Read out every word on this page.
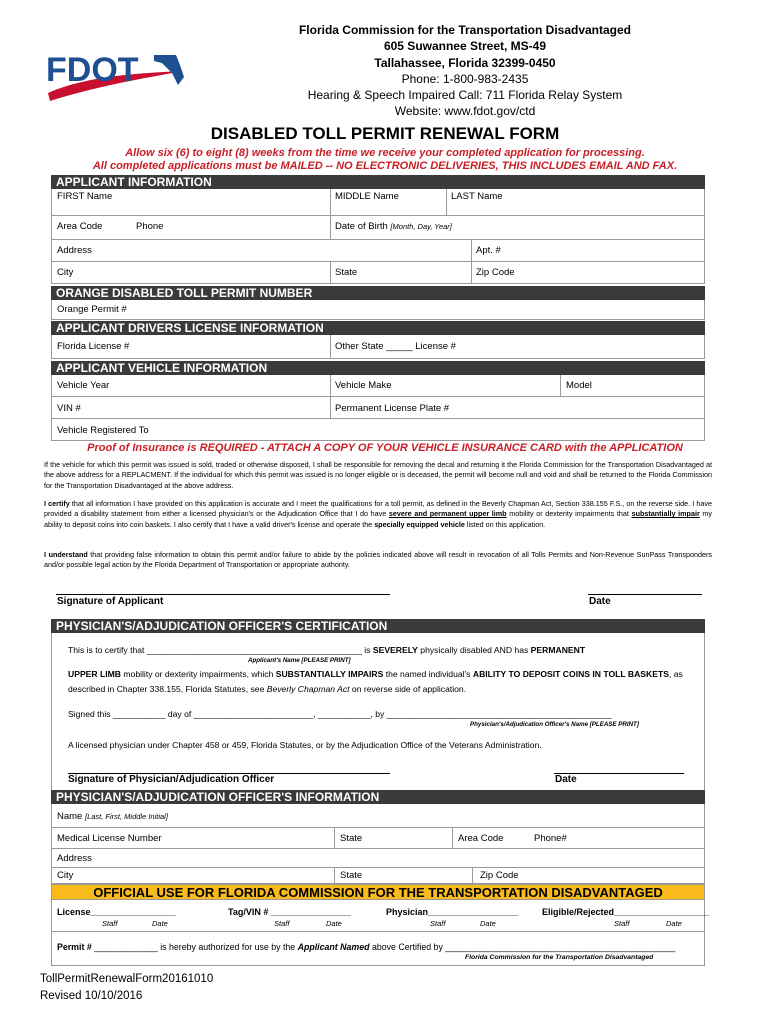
FDOT
Florida Commission for the Transportation Disadvantaged
605 Suwannee Street, MS-49
Tallahassee, Florida 32399-0450
Phone: 1-800-983-2435
Hearing & Speech Impaired Call: 711 Florida Relay System
Website: www.fdot.gov/ctd
DISABLED TOLL PERMIT RENEWAL FORM
Allow six (6) to eight (8) weeks from the time we receive your completed application for processing.
All completed applications must be MAILED -- NO ELECTRONIC DELIVERIES, THIS INCLUDES EMAIL AND FAX.
APPLICANT INFORMATION
FIRST Name	MIDDLE Name	LAST Name
Area Code	Phone	Date of Birth [Month, Day, Year]
Address	Apt. #
City	State	Zip Code
ORANGE DISABLED TOLL PERMIT NUMBER
Orange Permit #
APPLICANT DRIVERS LICENSE INFORMATION
Florida License #	Other State _____ License #
APPLICANT VEHICLE INFORMATION
Vehicle Year	Vehicle Make	Model
VIN #	Permanent License Plate #
Vehicle Registered To
Proof of Insurance is REQUIRED - ATTACH A COPY OF YOUR VEHICLE INSURANCE CARD with the APPLICATION
If the vehicle for which this permit was issued is sold, traded or otherwise disposed, I shall be responsible for removing the decal and returning it the Florida Commission for the Transportation Disadvantaged at the above address for a REPLACMENT. If the individual for which this permit was issued is no longer eligible or is deceased, the permit will become null and void and shall be returned to the Florida Commission for the Transportation Disadvantaged at the above address.
I certify that all information I have provided on this application is accurate and I meet the qualifications for a toll permit, as defined in the Beverly Chapman Act, Section 338.155 F.S., on the reverse side. I have provided a disability statement from either a licensed physician's or the Adjudication Office that I do have severe and permanent upper limb mobility or dexterity impairments that substantially impair my ability to deposit coins into coin baskets. I also certify that I have a valid driver's license and operate the specially equipped vehicle listed on this application.
I understand that providing false information to obtain this permit and/or failure to abide by the policies indicated above will result in revocation of all Tolls Permits and Non-Revenue SunPass Transponders and/or possible legal action by the Florida Department of Transportation or appropriate authority.
Signature of Applicant	Date
PHYSICIAN'S/ADJUDICATION OFFICER'S CERTIFICATION
This is to certify that _____________________________________________ is SEVERELY physically disabled AND has PERMANENT
Applicant's Name [PLEASE PRINT]
UPPER LIMB mobility or dexterity impairments, which SUBSTANTIALLY IMPAIRS the named individual's ABILITY TO DEPOSIT COINS IN TOLL BASKETS, as
described in Chapter 338.155, Florida Statutes, see Beverly Chapman Act on reverse side of application.
Signed this ___________ day of _________________________, ___________, by _______________________________________________
Physician's/Adjudication Officer's Name [PLEASE PRINT]
A licensed physician under Chapter 458 or 459, Florida Statutes, or by the Adjudication Office of the Veterans Administration.
Signature of Physician/Adjudication Officer	Date
PHYSICIAN'S/ADJUDICATION OFFICER'S INFORMATION
Name [Last, First, Middle Initial]
Medical License Number	State	Area Code	Phone#
Address
City	State	Zip Code
OFFICIAL USE FOR FLORIDA COMMISSION FOR THE TRANSPORTATION DISADVANTAGED
License_________________
Staff	Date
Tag/VIN # ________________
Staff	Date
Physician__________________
Staff	Date
Eligible/Rejected___________________
Staff	Date
Permit # _____________ is hereby authorized for use by the Applicant Named above Certified by _______________________________________________
Florida Commission for the Transportation Disadvantaged
TollPermitRenewalForm20161010
Revised 10/10/2016
